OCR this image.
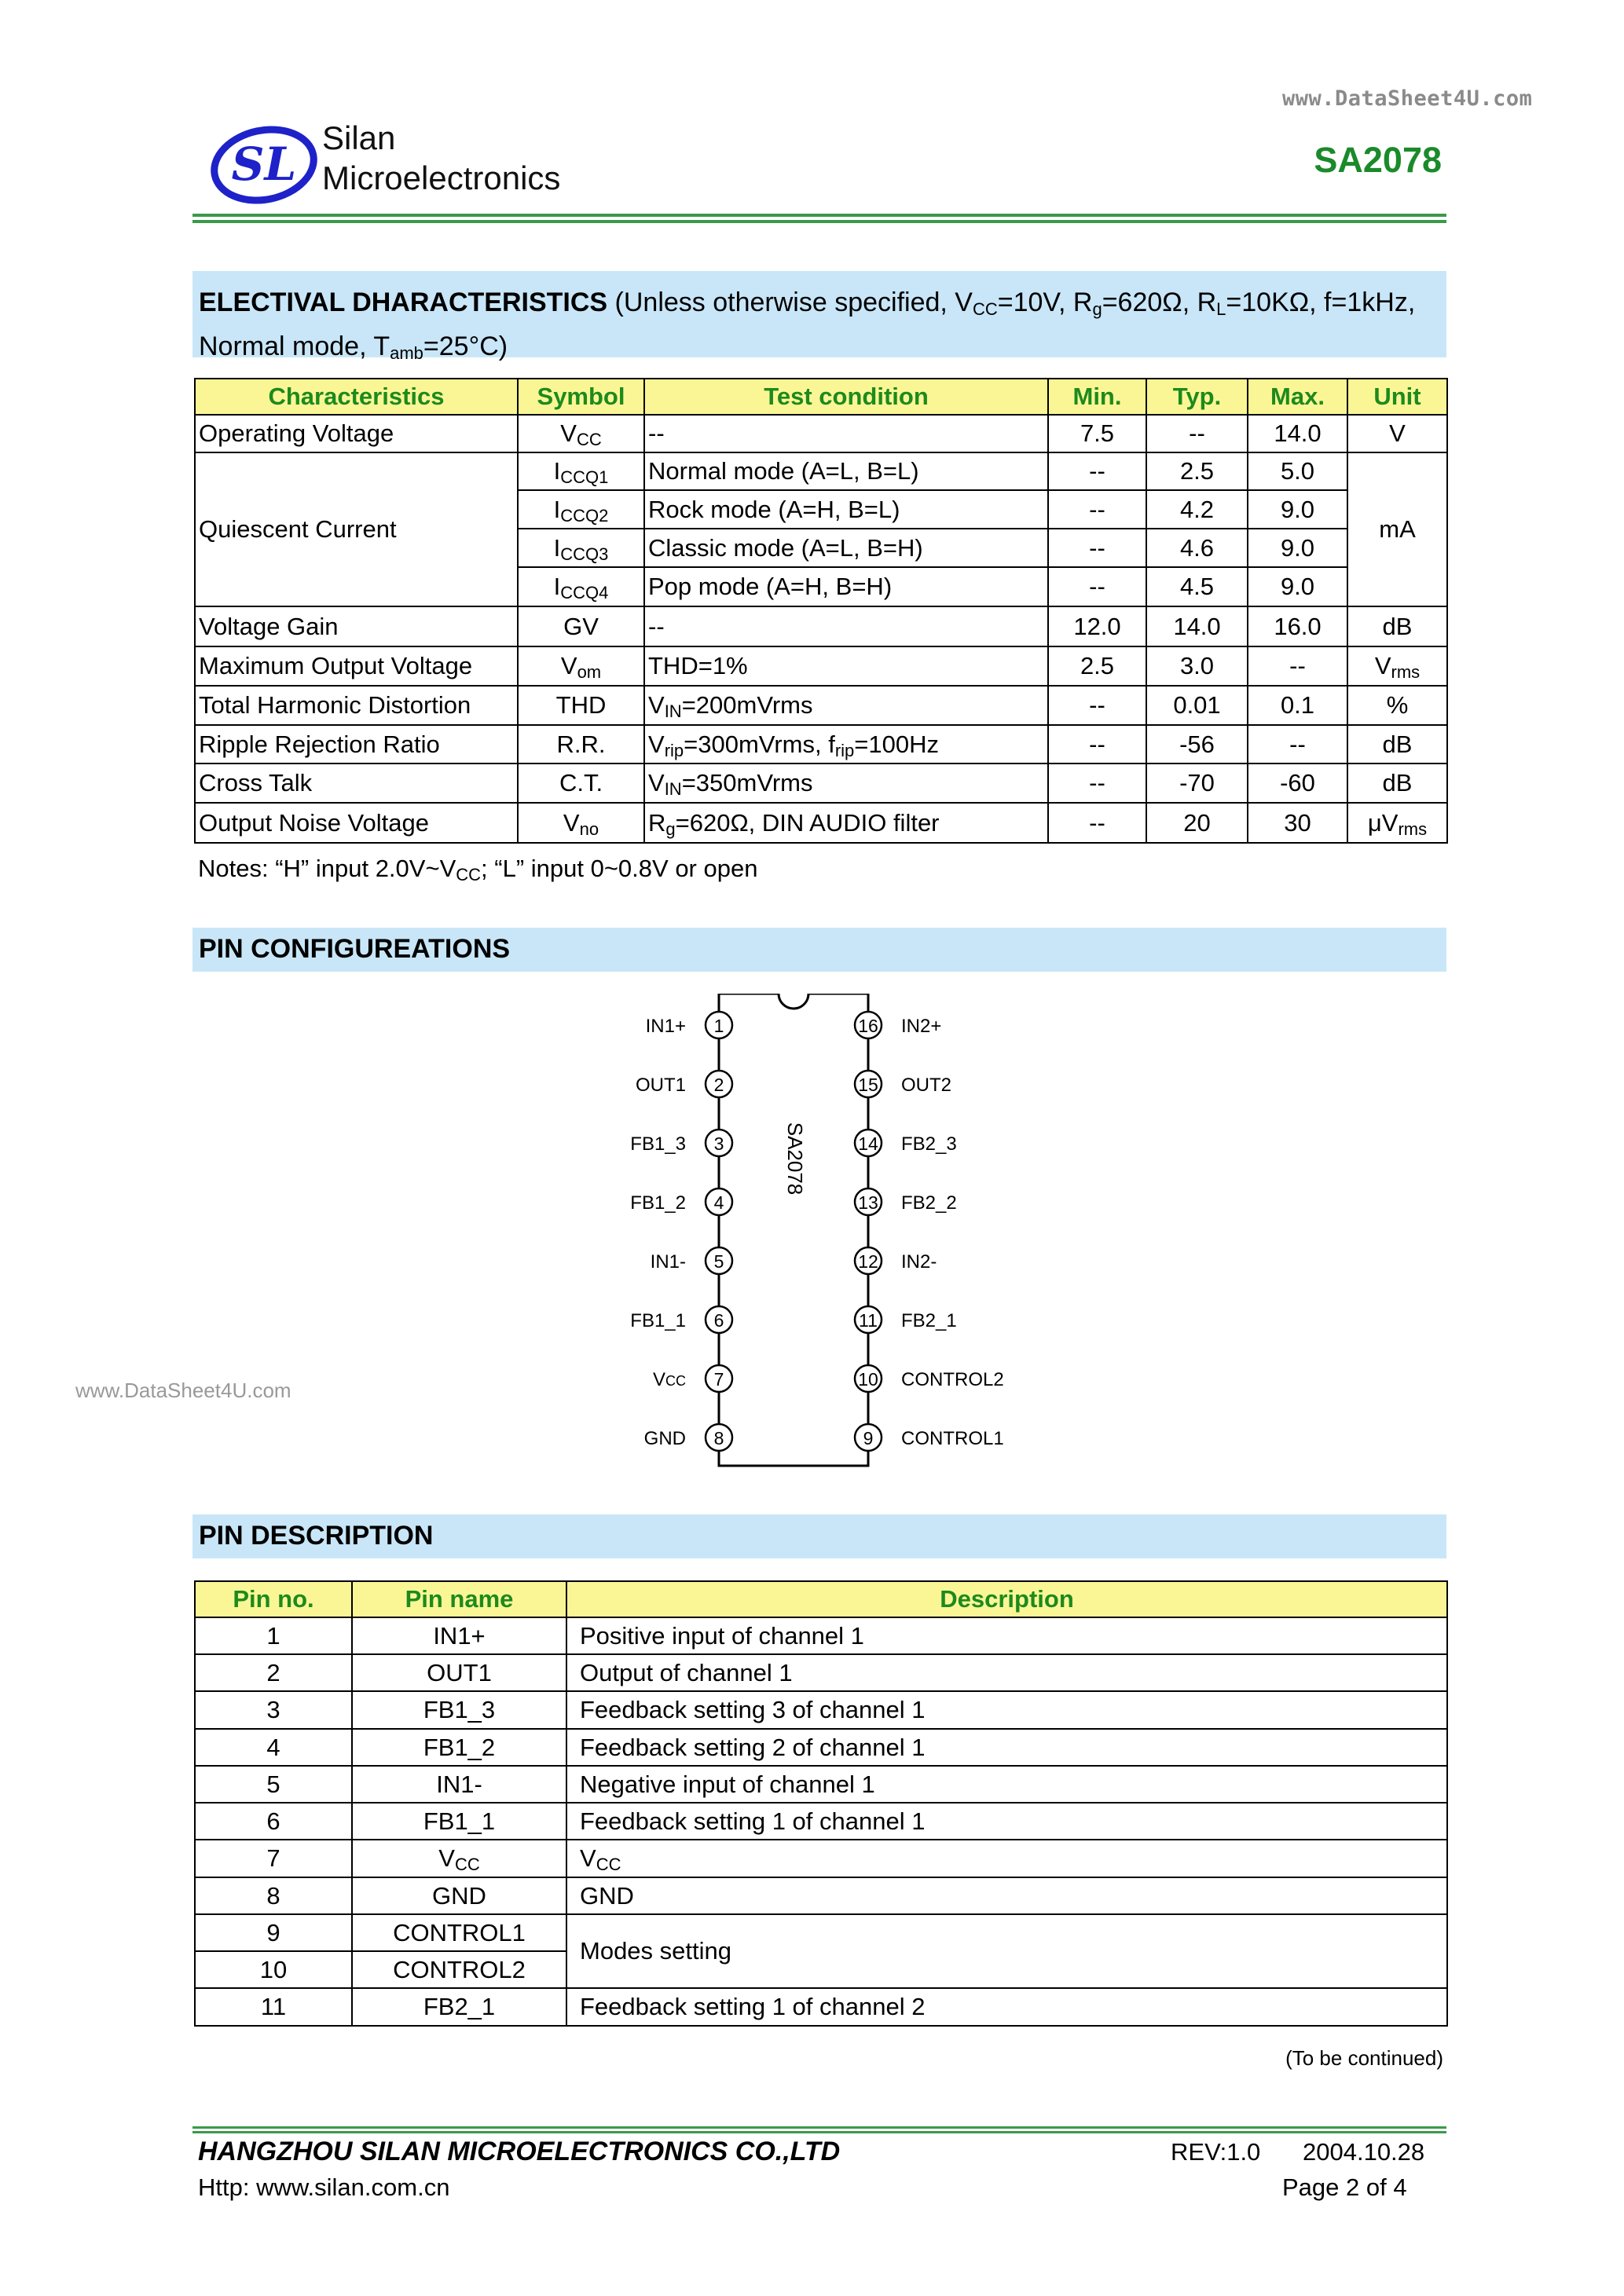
www.DataSheet4U.com
SL Silan
Microelectronics	SA2078
ELECTIVAL DHARACTERISTICS (Unless otherwise specified, $V_{CC}=10V$, $R_g=620\Omega$, $R_L=10K\Omega$, f=1kHz,
Normal mode, $T_{amb}=25^\circ C$)
Characteristics	Symbol	Test condition	Min.	Typ.	Max.	Unit
Operating Voltage	$V_{CC}$	--	7.5	--	14.0	V
Quiescent Current	$I_{CCQ1}$	Normal mode (A=L, B=L)	--	2.5	5.0	mA
	$I_{CCQ2}$	Rock mode (A=H, B=L)	--	4.2	9.0	
	$I_{CCQ3}$	Classic mode (A=L, B=H)	--	4.6	9.0	
	$I_{CCQ4}$	Pop mode (A=H, B=H)	--	4.5	9.0	
Voltage Gain	GV	--	12.0	14.0	16.0	dB
Maximum Output Voltage	$V_{om}$	THD=1%	2.5	3.0	--	$V_{rms}$
Total Harmonic Distortion	THD	$V_{IN}=200mVrms$	--	0.01	0.1	%
Ripple Rejection Ratio	R.R.	$V_{rip}=300mVrms$, $f_{rip}=100Hz$	--	-56	--	dB
Cross Talk	C.T.	$V_{IN}=350mVrms$	--	-70	-60	dB
Output Noise Voltage	$V_{no}$	$R_g=620\Omega$, DIN AUDIO filter	--	20	30	$\mu V_{rms}$
Notes: “H” input $2.0V\sim V_{CC}$; “L” input 0~0.8V or open
PIN CONFIGUREATIONS
SA2078
1
IN1+
2
OUT1
3
FB1_3
4
FB1_2
5
IN1-
6
FB1_1
7
VCC
8
GND
16 IN2+
15 OUT2
14 FB2_3
13 FB2_2
12 IN2-
11 FB2_1
10 CONTROL2
9 CONTROL1
www.DataSheet4U.com
PIN DESCRIPTION
Pin no.	Pin name	Description
1	IN1+	Positive input of channel 1
2	OUT1	Output of channel 1
3	FB1_3	Feedback setting 3 of channel 1
4	FB1_2	Feedback setting 2 of channel 1
5	IN1-	Negative input of channel 1
6	FB1_1	Feedback setting 1 of channel 1
7	$V_{CC}$	$V_{CC}$
8	GND	GND
9	CONTROL1	Modes setting
10	CONTROL2	
11	FB2_1	Feedback setting 1 of channel 2
(To be continued)
HANGZHOU SILAN MICROELECTRONICS CO.,LTD
Http: www.silan.com.cn
REV:1.0 2004.10.28
Page 2 of 4
